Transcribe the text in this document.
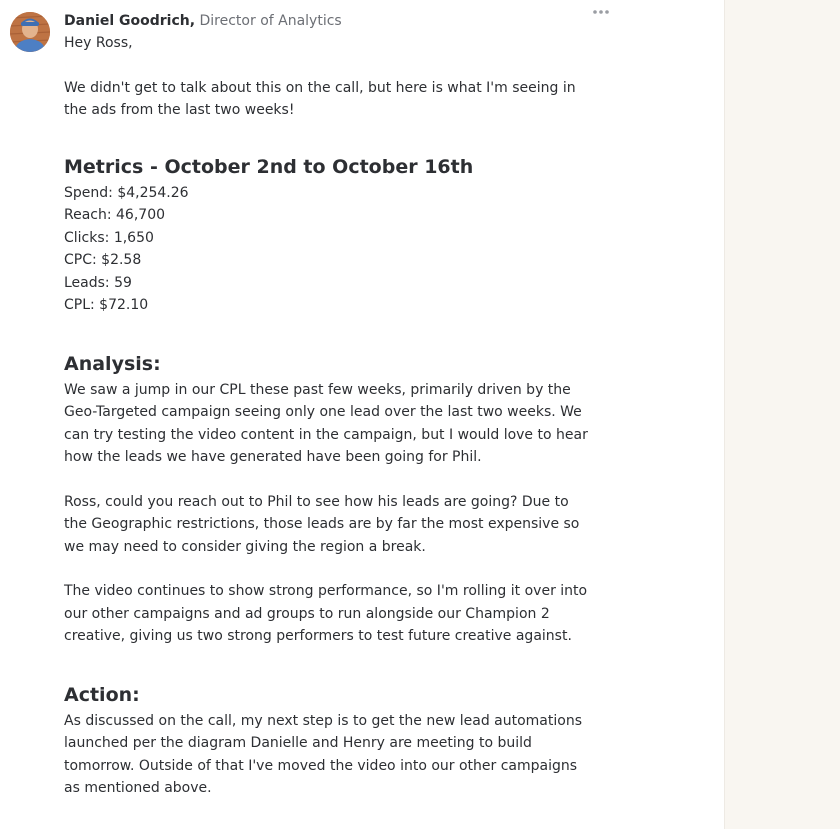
Daniel Goodrich, Director of Analytics

Hey Ross,

We didn't get to talk about this on the call, but here is what I'm seeing in the ads from the last two weeks!

Metrics - October 2nd to October 16th
Spend: $4,254.26
Reach: 46,700
Clicks: 1,650
CPC: $2.58
Leads: 59
CPL: $72.10
Analysis:

We saw a jump in our CPL these past few weeks, primarily driven by the Geo-Targeted campaign seeing only one lead over the last two weeks. We can try testing the video content in the campaign, but I would love to hear how the leads we have generated have been going for Phil.

Ross, could you reach out to Phil to see how his leads are going? Due to the Geographic restrictions, those leads are by far the most expensive so we may need to consider giving the region a break.

The video continues to show strong performance, so I'm rolling it over into our other campaigns and ad groups to run alongside our Champion 2 creative, giving us two strong performers to test future creative against.

Action:

As discussed on the call, my next step is to get the new lead automations launched per the diagram Danielle and Henry are meeting to build tomorrow. Outside of that I've moved the video into our other campaigns as mentioned above.
